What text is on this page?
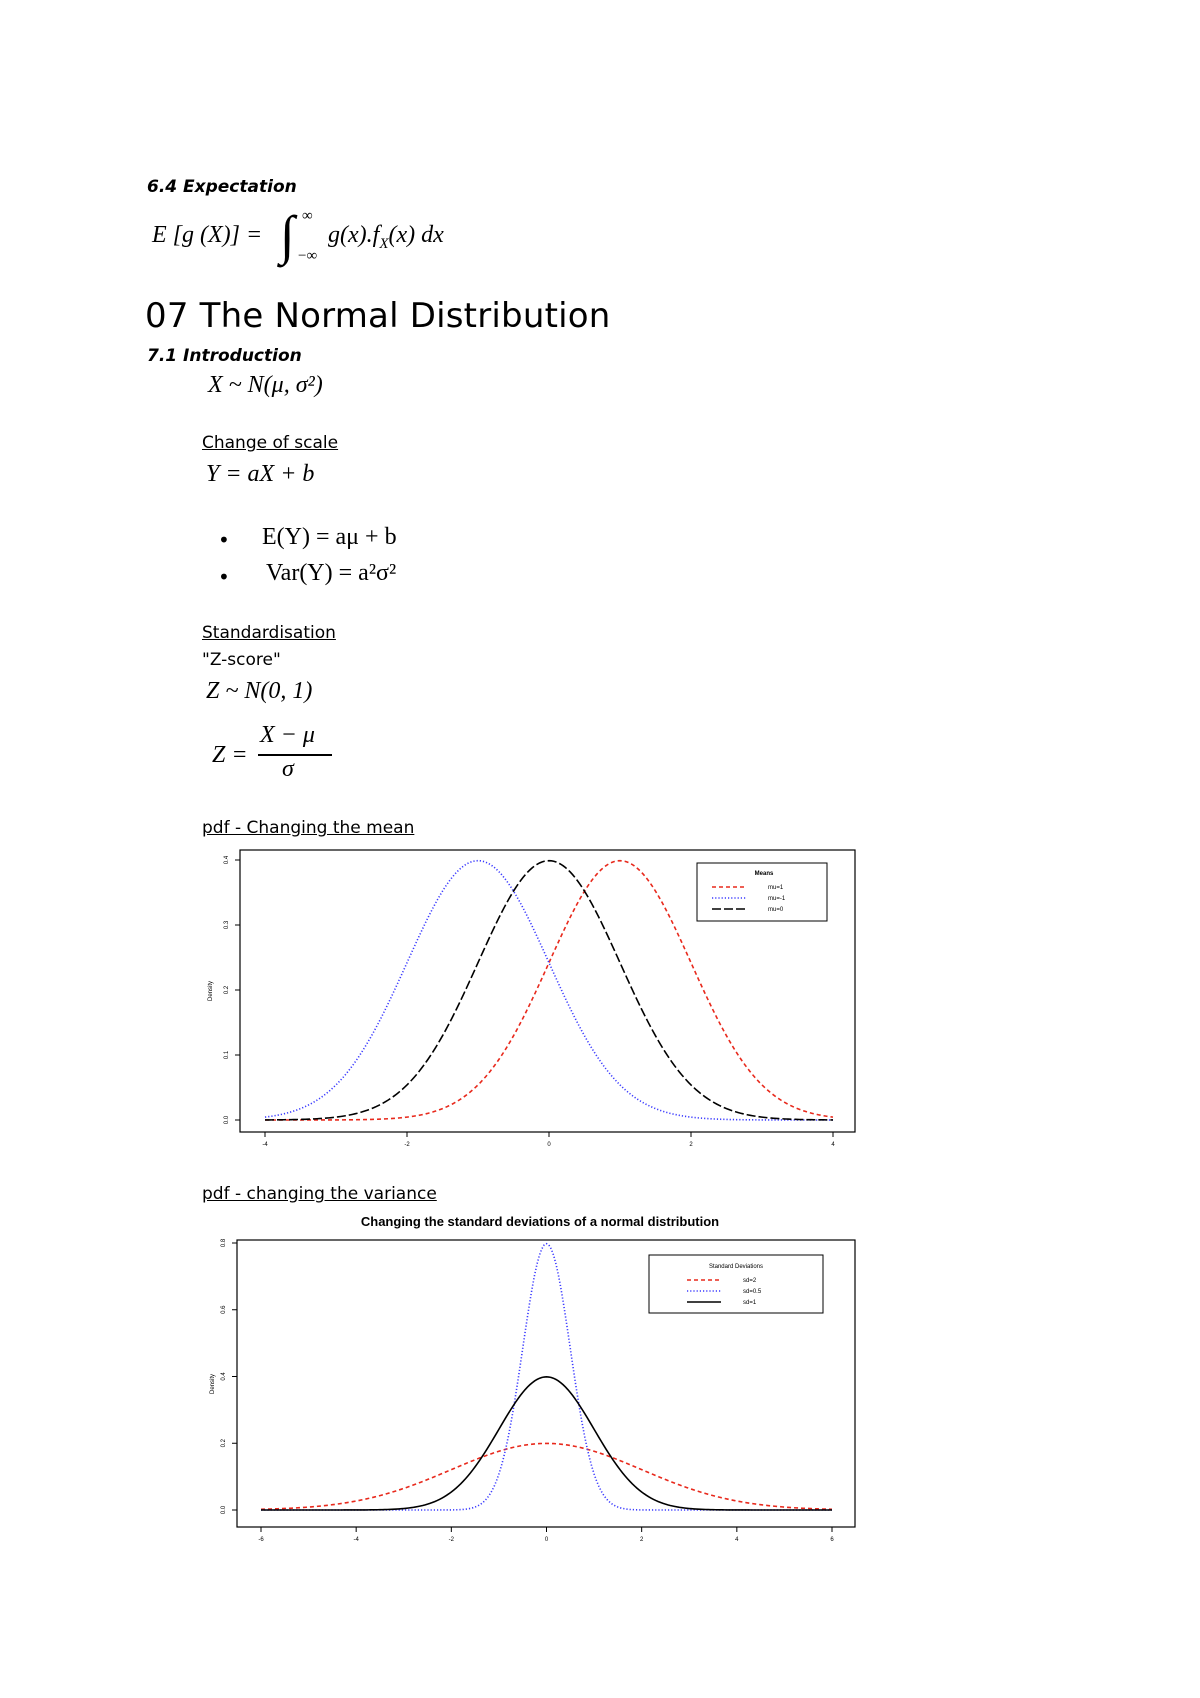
6.4 Expectation
E [g (X)] = ∫ ∞
−∞
$g(x).f_X(x)$ dx
07 The Normal Distribution
7.1 Introduction
X ~ N(μ, σ²)
Change of scale
Y = aX + b
• E(Y) = aμ + b
• Var(Y) = a²σ²
Standardisation
"Z-score"
Z ~ N(0, 1)
Z =
X − μ
σ
pdf - Changing the mean
0.0
0.1
0.2
0.3
0.4
-4	-2	0	2	4
Density
Means
mu=1
mu=-1
mu=0
pdf - changing the variance
Changing the standard deviations of a normal distribution
0.0
0.2
0.4
0.6
0.8
-6	-4	-2	0	2	4	6
Density
Standard Deviations
sd=2
sd=0.5
sd=1
